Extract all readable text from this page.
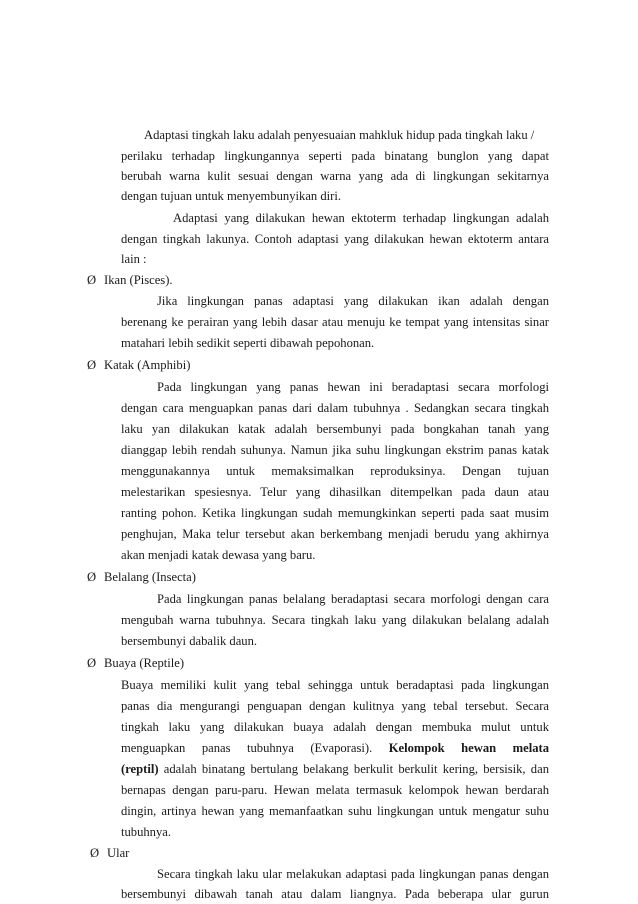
Adaptasi tingkah laku adalah penyesuaian mahkluk hidup pada tingkah laku /
perilaku terhadap lingkungannya seperti pada binatang bunglon yang dapat
berubah warna kulit sesuai dengan warna yang ada di lingkungan sekitarnya
dengan tujuan untuk menyembunyikan diri.
Adaptasi yang dilakukan hewan ektoterm terhadap lingkungan adalah
dengan tingkah lakunya. Contoh adaptasi yang dilakukan hewan ektoterm antara
lain :
Ø Ikan (Pisces).
Jika lingkungan panas adaptasi yang dilakukan ikan adalah dengan
berenang ke perairan yang lebih dasar atau menuju ke tempat yang intensitas sinar
matahari lebih sedikit seperti dibawah pepohonan.
Ø Katak (Amphibi)
Pada lingkungan yang panas hewan ini beradaptasi secara morfologi
dengan cara menguapkan panas dari dalam tubuhnya . Sedangkan secara tingkah
laku yan dilakukan katak adalah bersembunyi pada bongkahan tanah yang
dianggap lebih rendah suhunya. Namun jika suhu lingkungan ekstrim panas katak
menggunakannya untuk memaksimalkan reproduksinya. Dengan tujuan
melestarikan spesiesnya. Telur yang dihasilkan ditempelkan pada daun atau
ranting pohon. Ketika lingkungan sudah memungkinkan seperti pada saat musim
penghujan, Maka telur tersebut akan berkembang menjadi berudu yang akhirnya
akan menjadi katak dewasa yang baru.
Ø Belalang (Insecta)
Pada lingkungan panas belalang beradaptasi secara morfologi dengan cara
mengubah warna tubuhnya. Secara tingkah laku yang dilakukan belalang adalah
bersembunyi dabalik daun.
Ø Buaya (Reptile)
Buaya memiliki kulit yang tebal sehingga untuk beradaptasi pada lingkungan
panas dia mengurangi penguapan dengan kulitnya yang tebal tersebut. Secara
tingkah laku yang dilakukan buaya adalah dengan membuka mulut untuk
menguapkan panas tubuhnya (Evaporasi). Kelompok hewan melata
(reptil) adalah binatang bertulang belakang berkulit berkulit kering, bersisik, dan
bernapas dengan paru-paru. Hewan melata termasuk kelompok hewan berdarah
dingin, artinya hewan yang memanfaatkan suhu lingkungan untuk mengatur suhu
tubuhnya.
Ø Ular
Secara tingkah laku ular melakukan adaptasi pada lingkungan panas dengan
bersembunyi dibawah tanah atau dalam liangnya. Pada beberapa ular gurun
